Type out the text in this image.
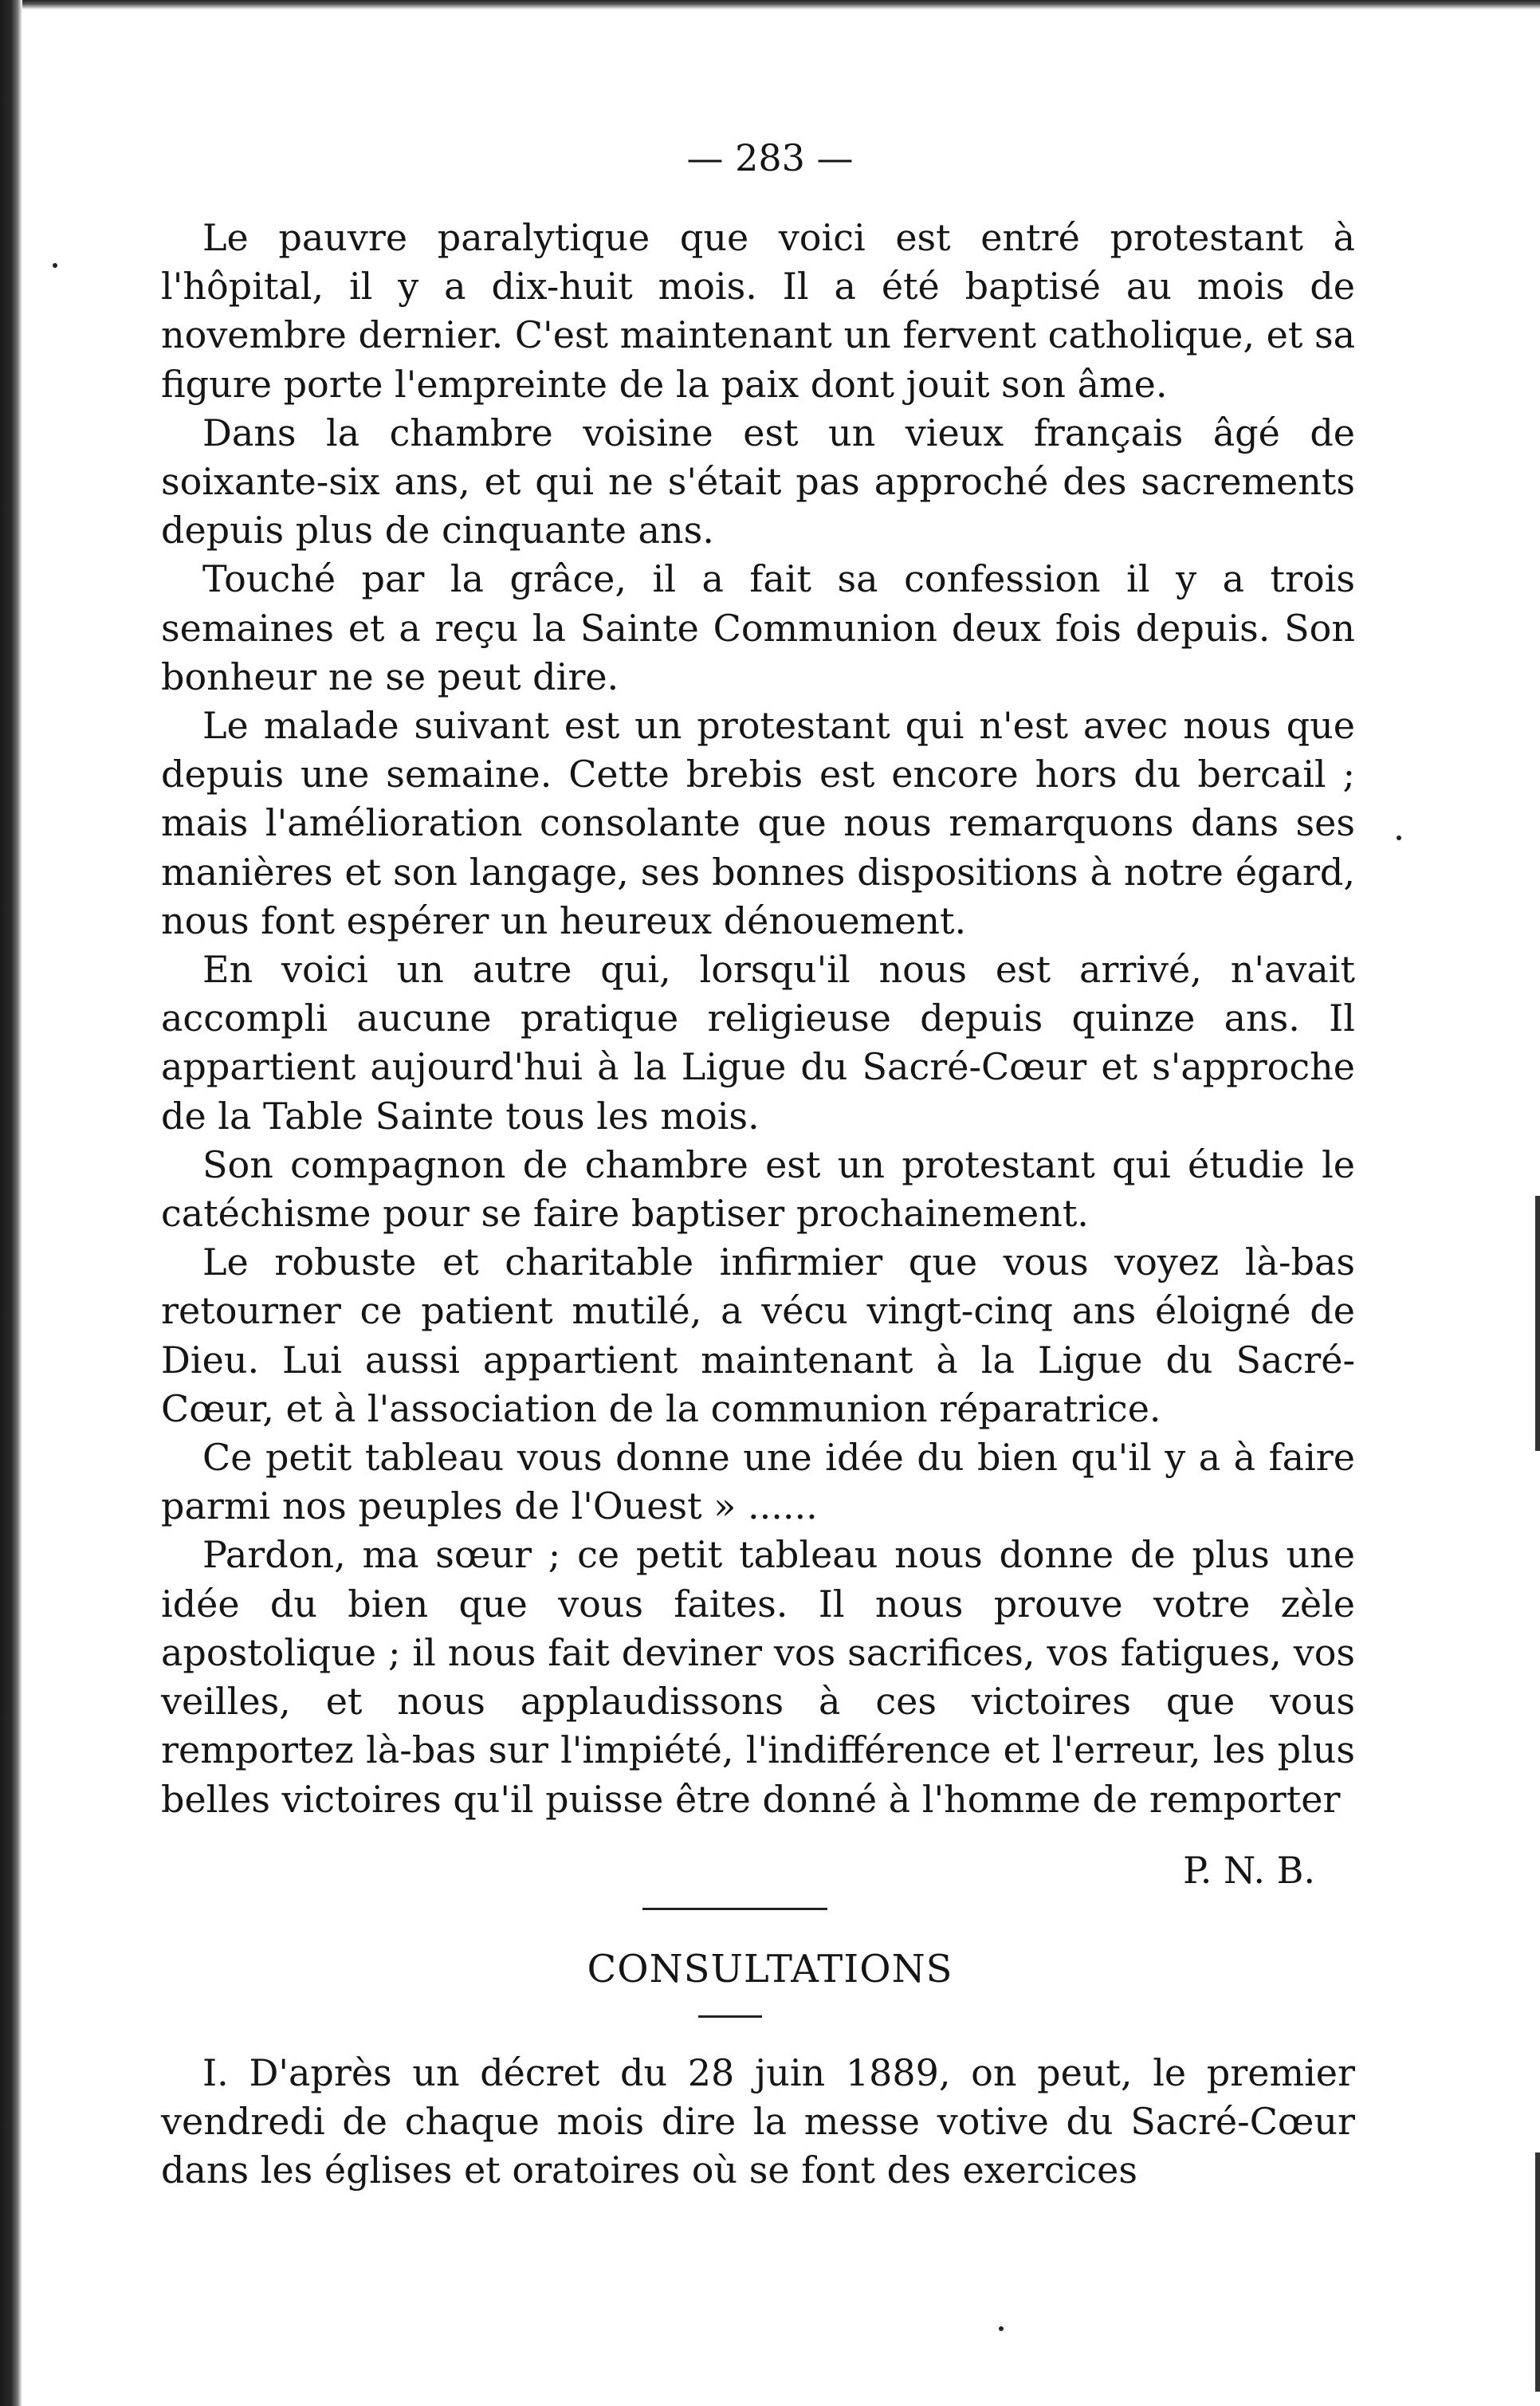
— 283 —

Le pauvre paralytique que voici est entré protestant à l'hôpital, il y a dix-huit mois. Il a été baptisé au mois de novembre dernier. C'est maintenant un fervent catholique, et sa figure porte l'empreinte de la paix dont jouit son âme.

Dans la chambre voisine est un vieux français âgé de soixante-six ans, et qui ne s'était pas approché des sacrements depuis plus de cinquante ans.

Touché par la grâce, il a fait sa confession il y a trois semaines et a reçu la Sainte Communion deux fois depuis. Son bonheur ne se peut dire.

Le malade suivant est un protestant qui n'est avec nous que depuis une semaine. Cette brebis est encore hors du bercail ; mais l'amélioration consolante que nous remarquons dans ses manières et son langage, ses bonnes dispositions à notre égard, nous font espérer un heureux dénouement.

En voici un autre qui, lorsqu'il nous est arrivé, n'avait accompli aucune pratique religieuse depuis quinze ans. Il appartient aujourd'hui à la Ligue du Sacré-Cœur et s'approche de la Table Sainte tous les mois.

Son compagnon de chambre est un protestant qui étudie le catéchisme pour se faire baptiser prochainement.

Le robuste et charitable infirmier que vous voyez là-bas retourner ce patient mutilé, a vécu vingt-cinq ans éloigné de Dieu. Lui aussi appartient maintenant à la Ligue du Sacré-Cœur, et à l'association de la communion réparatrice.

Ce petit tableau vous donne une idée du bien qu'il y a à faire parmi nos peuples de l'Ouest » ......

Pardon, ma sœur ; ce petit tableau nous donne de plus une idée du bien que vous faites. Il nous prouve votre zèle apostolique ; il nous fait deviner vos sacrifices, vos fatigues, vos veilles, et nous applaudissons à ces victoires que vous remportez là-bas sur l'impiété, l'indifférence et l'erreur, les plus belles victoires qu'il puisse être donné à l'homme de remporter

P. N. B.
CONSULTATIONS

I. D'après un décret du 28 juin 1889, on peut, le premier vendredi de chaque mois dire la messe votive du Sacré-Cœur dans les églises et oratoires où se font des exercices
